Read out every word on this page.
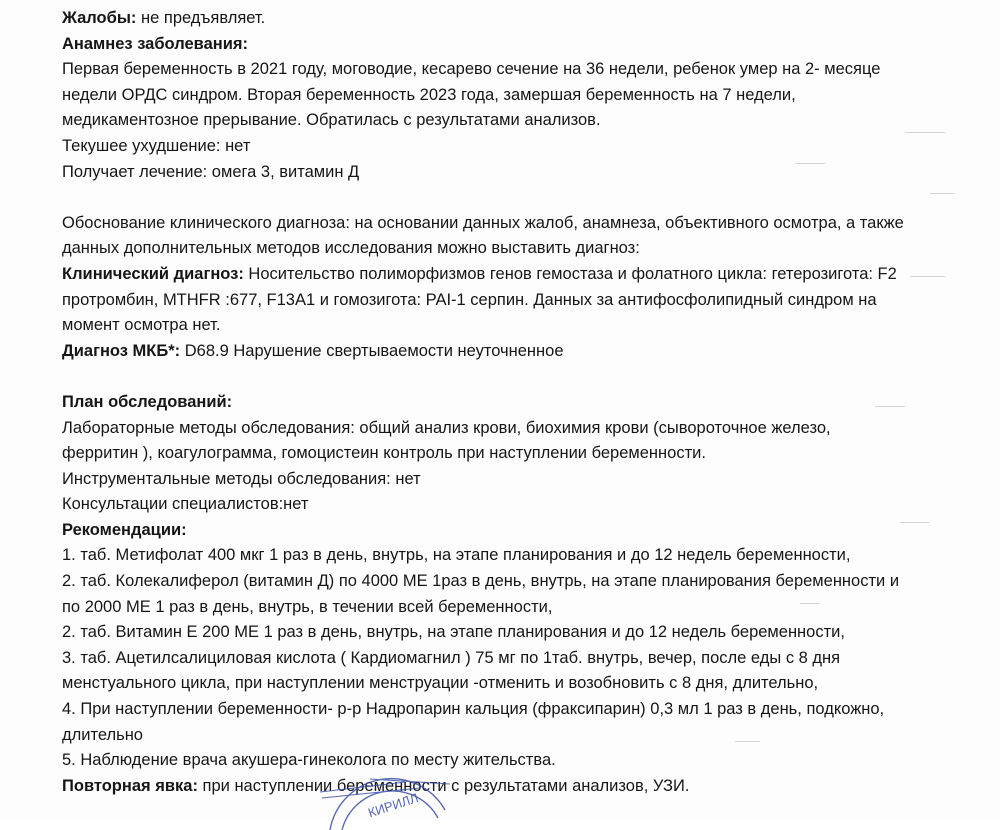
Жалобы: не предъявляет.
Анамнез заболевания:
Первая беременность в 2021 году, моговодие, кесарево сечение на 36 недели, ребенок умер на 2- месяце
недели ОРДС синдром. Вторая беременность 2023 года, замершая беременность на 7 недели,
медикаментозное прерывание. Обратилась с результатами анализов.
Текушее ухудшение: нет
Получает лечение: омега 3, витамин Д
Обоснование клинического диагноза: на основании данных жалоб, анамнеза, объективного осмотра, а также
данных дополнительных методов исследования можно выставить диагноз:
Клинический диагноз: Носительство полиморфизмов генов гемостаза и фолатного цикла: гетерозигота: F2
протромбин, MTHFR :677, F13A1 и гомозигота: PAI-1 серпин. Данных за антифосфолипидный синдром на
момент осмотра нет.
Диагноз МКБ*: D68.9 Нарушение свертываемости неуточненное
План обследований:
Лабораторные методы обследования: общий анализ крови, биохимия крови (сывороточное железо,
ферритин ), коагулограмма, гомоцистеин контроль при наступлении беременности.
Инструментальные методы обследования: нет
Консультации специалистов:нет
Рекомендации:
1. таб. Метифолат 400 мкг 1 раз в день, внутрь, на этапе планирования и до 12 недель беременности,
2. таб. Колекалиферол (витамин Д) по 4000 МЕ 1раз в день, внутрь, на этапе планирования беременности и
по 2000 МЕ 1 раз в день, внутрь, в течении всей беременности,
2. таб. Витамин Е 200 МЕ 1 раз в день, внутрь, на этапе планирования и до 12 недель беременности,
3. таб. Ацетилсалициловая кислота ( Кардиомагнил ) 75 мг по 1таб. внутрь, вечер, после еды с 8 дня
менстуального цикла, при наступлении менструации -отменить и возобновить с 8 дня, длительно,
4. При наступлении беременности- р-р Надропарин кальция (фраксипарин) 0,3 мл 1 раз в день, подкожно,
длительно
5. Наблюдение врача акушера-гинеколога по месту жительства.
Повторная явка: при наступлении беременности с результатами анализов, УЗИ.
КИРИЛЛ
